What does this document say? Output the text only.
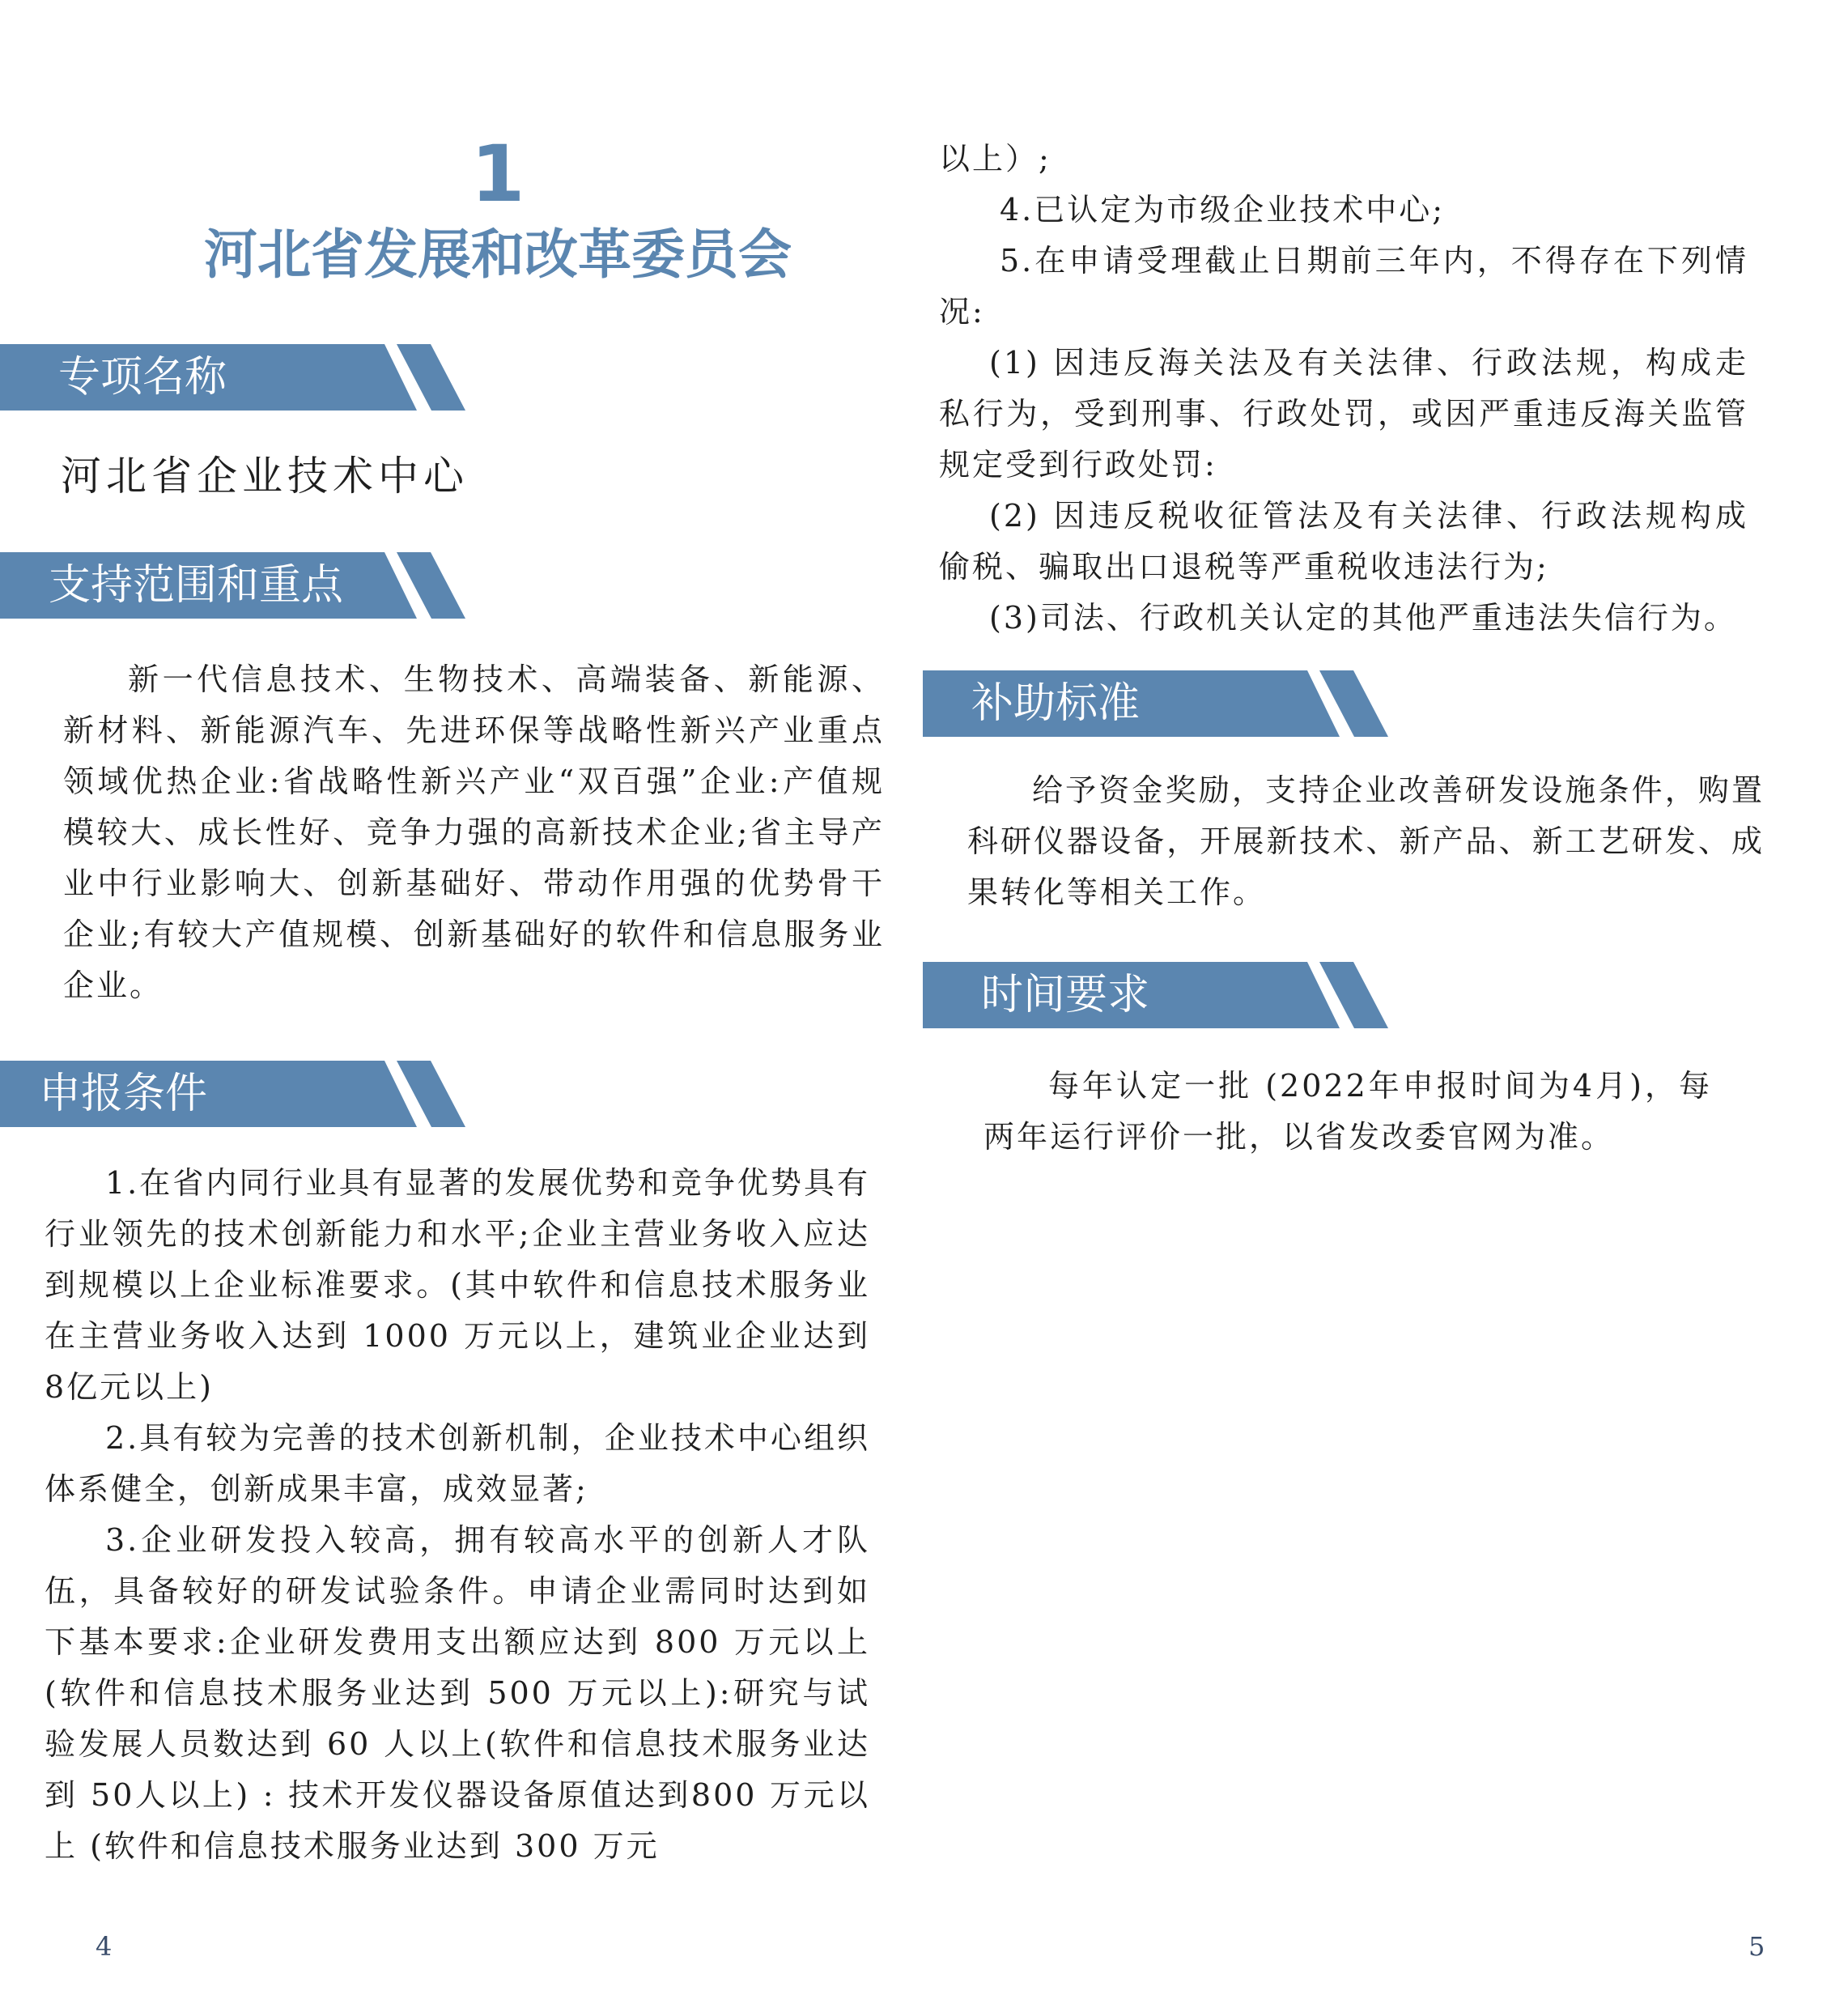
1
河北省发展和改革委员会
专项名称
河北省企业技术中心
支持范围和重点
新一代信息技术、生物技术、高端装备、新能源、新材料、新能源汽车、先进环保等战略性新兴产业重点领域优热企业:省战略性新兴产业“双百强”企业:产值规模较大、成长性好、竞争力强的高新技术企业;省主导产业中行业影响大、创新基础好、带动作用强的优势骨干企业;有较大产值规模、创新基础好的软件和信息服务业企业。
申报条件
1.在省内同行业具有显著的发展优势和竞争优势具有行业领先的技术创新能力和水平;企业主营业务收入应达到规模以上企业标准要求。(其中软件和信息技术服务业在主营业务收入达到 1000 万元以上，建筑业企业达到8亿元以上)
2.具有较为完善的技术创新机制，企业技术中心组织体系健全，创新成果丰富，成效显著;
3.企业研发投入较高，拥有较高水平的创新人才队伍，具备较好的研发试验条件。申请企业需同时达到如下基本要求:企业研发费用支出额应达到 800 万元以上(软件和信息技术服务业达到 500 万元以上):研究与试验发展人员数达到 60 人以上(软件和信息技术服务业达到 50人以上) : 技术开发仪器设备原值达到800 万元以上 (软件和信息技术服务业达到 300 万元
4
以上）;
4.已认定为市级企业技术中心;
5.在申请受理截止日期前三年内，不得存在下列情况:
(1) 因违反海关法及有关法律、行政法规，构成走私行为，受到刑事、行政处罚，或因严重违反海关监管规定受到行政处罚:
(2) 因违反税收征管法及有关法律、行政法规构成偷税、骗取出口退税等严重税收违法行为;
(3)司法、行政机关认定的其他严重违法失信行为。
补助标准
给予资金奖励，支持企业改善研发设施条件，购置科研仪器设备，开展新技术、新产品、新工艺研发、成果转化等相关工作。
时间要求
每年认定一批 (2022年申报时间为4月)，每两年运行评价一批，以省发改委官网为准。
5
